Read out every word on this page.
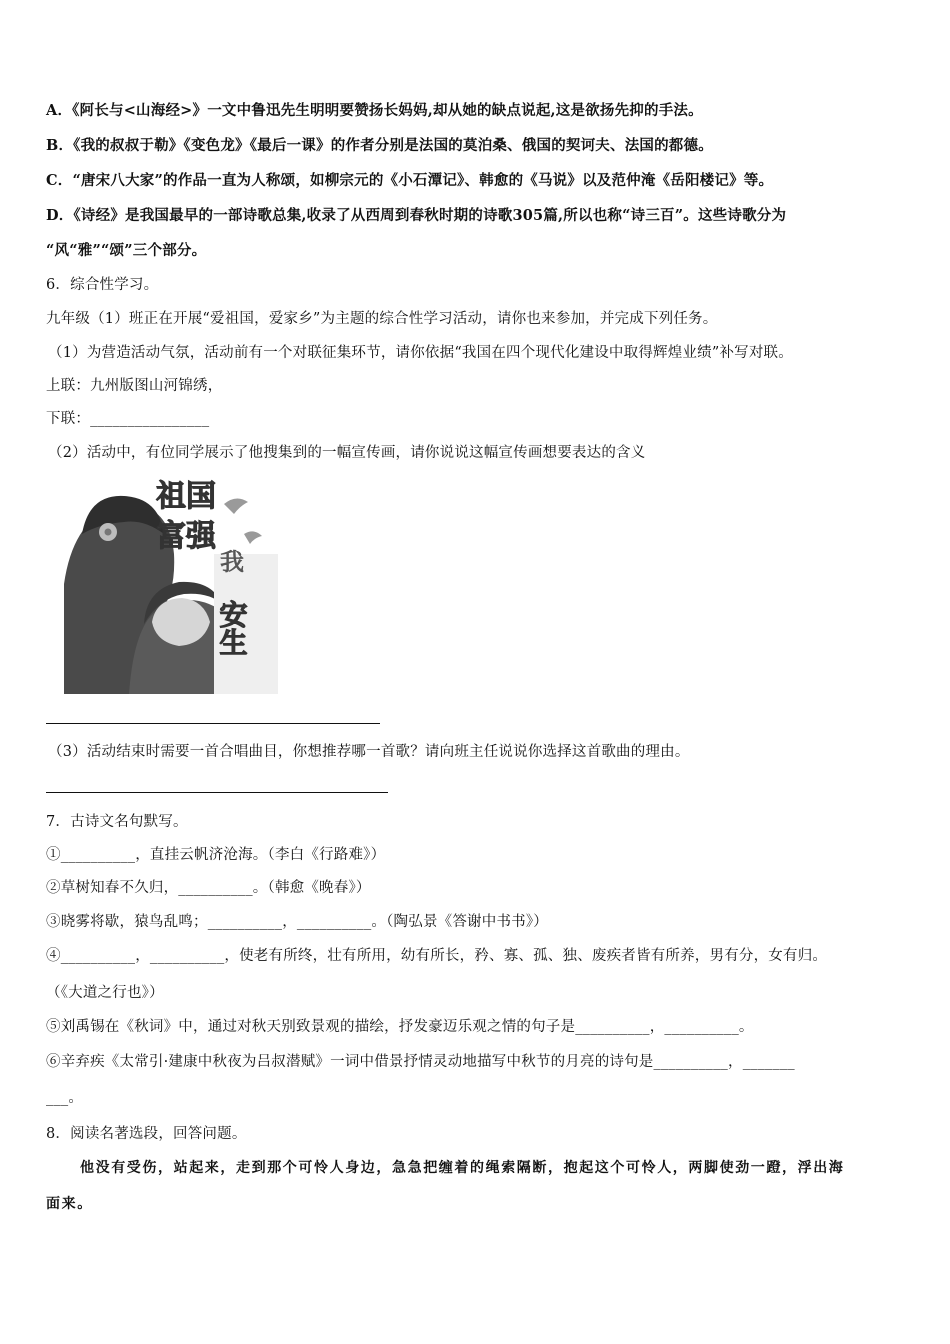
A．《阿长与<山海经>》一文中鲁迅先生明明要赞扬长妈妈,却从她的缺点说起,这是欲扬先抑的手法。
B．《我的叔叔于勒》《变色龙》《最后一课》的作者分别是法国的莫泊桑、俄国的契诃夫、法国的都德。
C．“唐宋八大家”的作品一直为人称颂，如柳宗元的《小石潭记》、韩愈的《马说》以及范仲淹《岳阳楼记》等。
D．《诗经》是我国最早的一部诗歌总集,收录了从西周到春秋时期的诗歌305篇,所以也称“诗三百”。这些诗歌分为
“风“雅”“颂”三个部分。
6．综合性学习。
九年级（1）班正在开展“爱祖国，爱家乡”为主题的综合性学习活动，请你也来参加，并完成下列任务。
（1）为营造活动气氛，活动前有一个对联征集环节，请你依据“我国在四个现代化建设中取得辉煌业绩”补写对联。
上联：九州版图山河锦绣，
下联：________________
（2）活动中，有位同学展示了他搜集到的一幅宣传画，请你说说这幅宣传画想要表达的含义
祖国
富强
我
安生
（3）活动结束时需要一首合唱曲目，你想推荐哪一首歌？请向班主任说说你选择这首歌曲的理由。
7．古诗文名句默写。
①__________，直挂云帆济沧海。（李白《行路难》）
②草树知春不久归，__________。（韩愈《晚春》）
③晓雾将歇，猿鸟乱鸣；__________，__________。（陶弘景《答谢中书书》）
④__________，__________，使老有所终，壮有所用，幼有所长，矜、寡、孤、独、废疾者皆有所养，男有分，女有归。
（《大道之行也》）
⑤刘禹锡在《秋词》中，通过对秋天别致景观的描绘，抒发豪迈乐观之情的句子是__________，__________。
⑥辛弃疾《太常引·建康中秋夜为吕叔潜赋》一词中借景抒情灵动地描写中秋节的月亮的诗句是__________，_______
___。
8．阅读名著选段，回答问题。
他没有受伤，站起来，走到那个可怜人身边，急急把缠着的绳索隔断，抱起这个可怜人，两脚使劲一蹬，浮出海
面来。
